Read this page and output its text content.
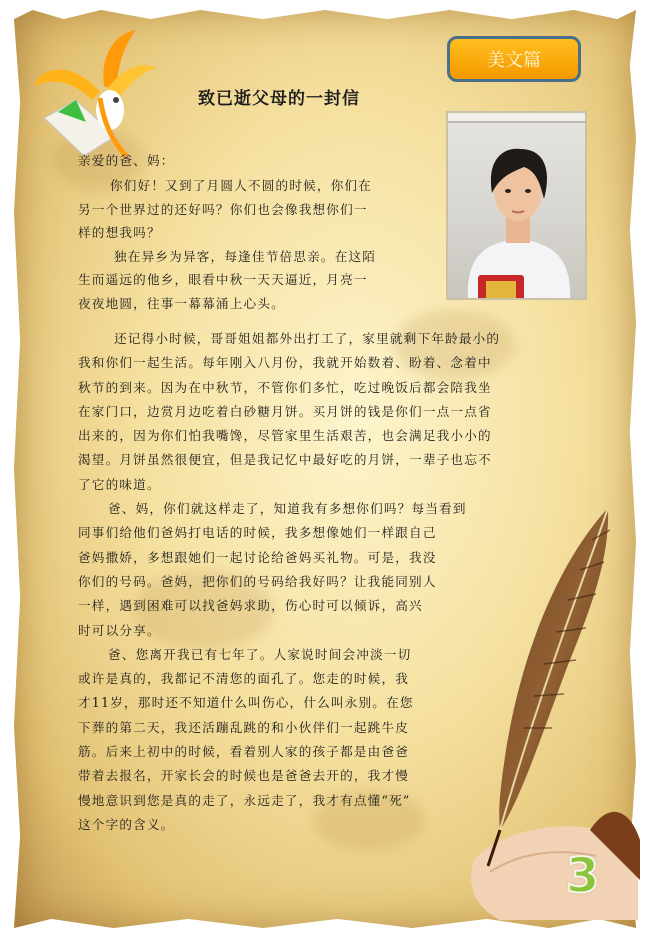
美文篇
致已逝父母的一封信

亲爱的爸、妈：

你们好！又到了月圆人不圆的时候，你们在

另一个世界过的还好吗？你们也会像我想你们一

样的想我吗？

独在异乡为异客，每逢佳节倍思亲。在这陌

生而遥远的他乡，眼看中秋一天天逼近，月亮一

夜夜地圆，往事一幕幕涌上心头。

还记得小时候，哥哥姐姐都外出打工了，家里就剩下年龄最小的

我和你们一起生活。每年刚入八月份，我就开始数着、盼着、念着中

秋节的到来。因为在中秋节，不管你们多忙，吃过晚饭后都会陪我坐

在家门口，边赏月边吃着白砂糖月饼。买月饼的钱是你们一点一点省

出来的，因为你们怕我嘴馋，尽管家里生活艰苦，也会满足我小小的

渴望。月饼虽然很便宜，但是我记忆中最好吃的月饼，一辈子也忘不

了它的味道。

爸、妈，你们就这样走了，知道我有多想你们吗？每当看到

同事们给他们爸妈打电话的时候，我多想像她们一样跟自己

爸妈撒娇，多想跟她们一起讨论给爸妈买礼物。可是，我没

你们的号码。爸妈，把你们的号码给我好吗？让我能同别人

一样，遇到困难可以找爸妈求助，伤心时可以倾诉，高兴

时可以分享。

爸、您离开我已有七年了。人家说时间会冲淡一切

或许是真的，我都记不清您的面孔了。您走的时候，我

才11岁，那时还不知道什么叫伤心，什么叫永别。在您

下葬的第二天，我还活蹦乱跳的和小伙伴们一起跳牛皮

筋。后来上初中的时候，看着别人家的孩子都是由爸爸

带着去报名，开家长会的时候也是爸爸去开的，我才慢

慢地意识到您是真的走了，永远走了，我才有点懂“死”

这个字的含义。

3
